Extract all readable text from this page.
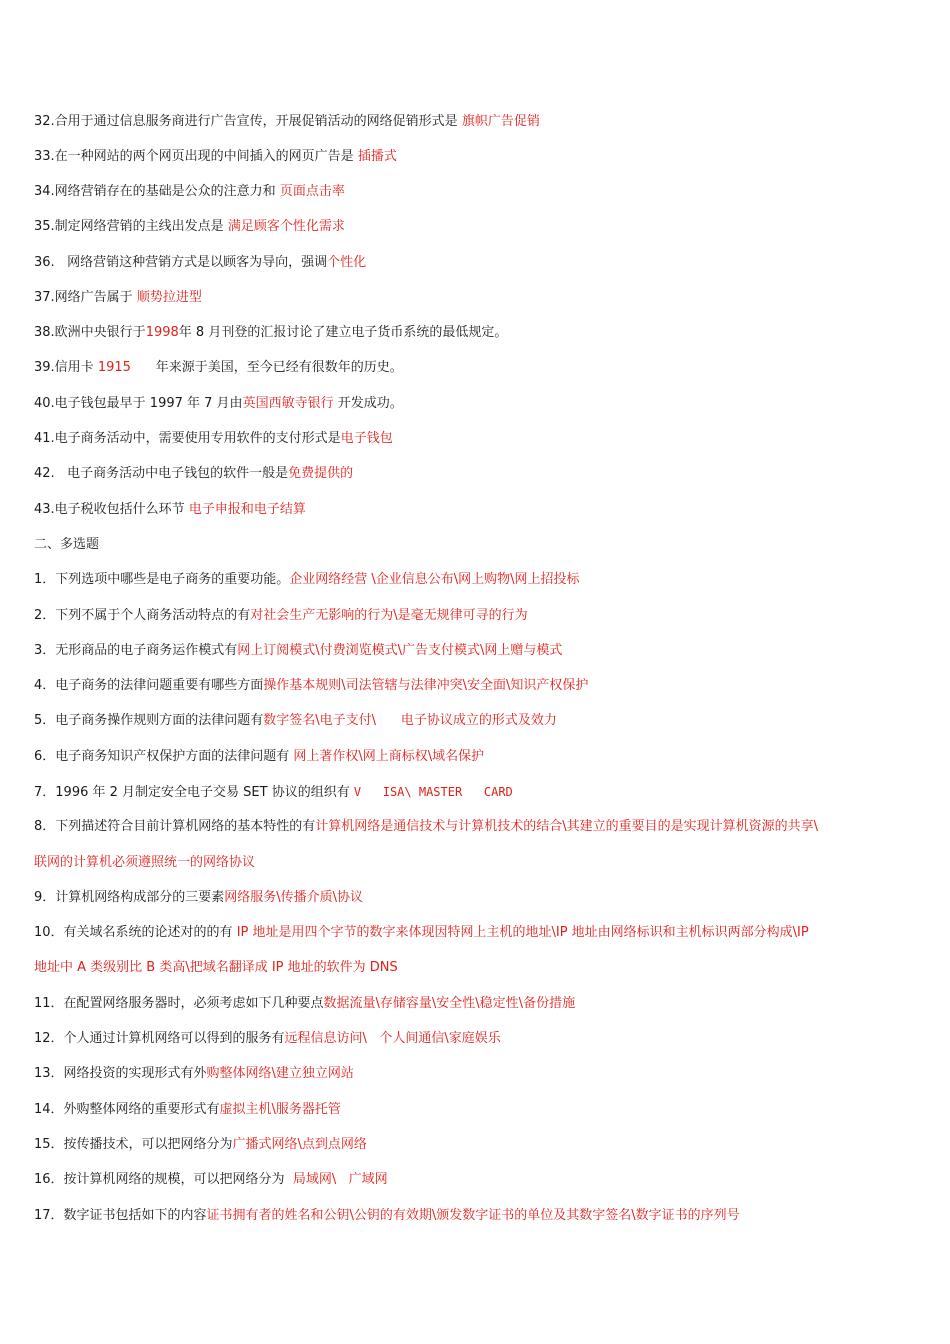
32.合用于通过信息服务商进行广告宣传，开展促销活动的网络促销形式是 旗帜广告促销
33.在一种网站的两个网页出现的中间插入的网页广告是 插播式
34.网络营销存在的基础是公众的注意力和 页面点击率
35.制定网络营销的主线出发点是 满足顾客个性化需求
36.   网络营销这种营销方式是以顾客为导向，强调个性化
37.网络广告属于 顺势拉进型
38.欧洲中央银行于1998年 8 月刊登的汇报讨论了建立电子货币系统的最低规定。
39.信用卡 1915      年来源于美国，至今已经有很数年的历史。
40.电子钱包最早于 1997 年 7 月由英国西敏寺银行 开发成功。
41.电子商务活动中，需要使用专用软件的支付形式是电子钱包
42.   电子商务活动中电子钱包的软件一般是免费提供的
43.电子税收包括什么环节 电子申报和电子结算
二、多选题
1．下列选项中哪些是电子商务的重要功能。企业网络经营 \企业信息公布\网上购物\网上招投标
2．下列不属于个人商务活动特点的有对社会生产无影响的行为\是毫无规律可寻的行为
3．无形商品的电子商务运作模式有网上订阅模式\付费浏览模式\广告支付模式\网上赠与模式
4．电子商务的法律问题重要有哪些方面操作基本规则\司法管辖与法律冲突\安全面\知识产权保护
5．电子商务操作规则方面的法律问题有数字签名\电子支付\      电子协议成立的形式及效力
6．电子商务知识产权保护方面的法律问题有 网上著作权\网上商标权\域名保护
7．1996 年 2 月制定安全电子交易 SET 协议的组织有 V   ISA\ MASTER   CARD
8．下列描述符合目前计算机网络的基本特性的有计算机网络是通信技术与计算机技术的结合\其建立的重要目的是实现计算机资源的共享\
联网的计算机必须遵照统一的网络协议
9．计算机网络构成部分的三要素网络服务\传播介质\协议
10．有关域名系统的论述对的的有 IP 地址是用四个字节的数字来体现因特网上主机的地址\IP 地址由网络标识和主机标识两部分构成\IP
地址中 A 类级别比 B 类高\把域名翻译成 IP 地址的软件为 DNS
11．在配置网络服务器时，必须考虑如下几种要点数据流量\存储容量\安全性\稳定性\备份措施
12．个人通过计算机网络可以得到的服务有远程信息访问\   个人间通信\家庭娱乐
13．网络投资的实现形式有外购整体网络\建立独立网站
14．外购整体网络的重要形式有虚拟主机\服务器托管
15．按传播技术，可以把网络分为广播式网络\点到点网络
16．按计算机网络的规模，可以把网络分为  局域网\   广域网
17．数字证书包括如下的内容证书拥有者的姓名和公钥\公钥的有效期\颁发数字证书的单位及其数字签名\数字证书的序列号
